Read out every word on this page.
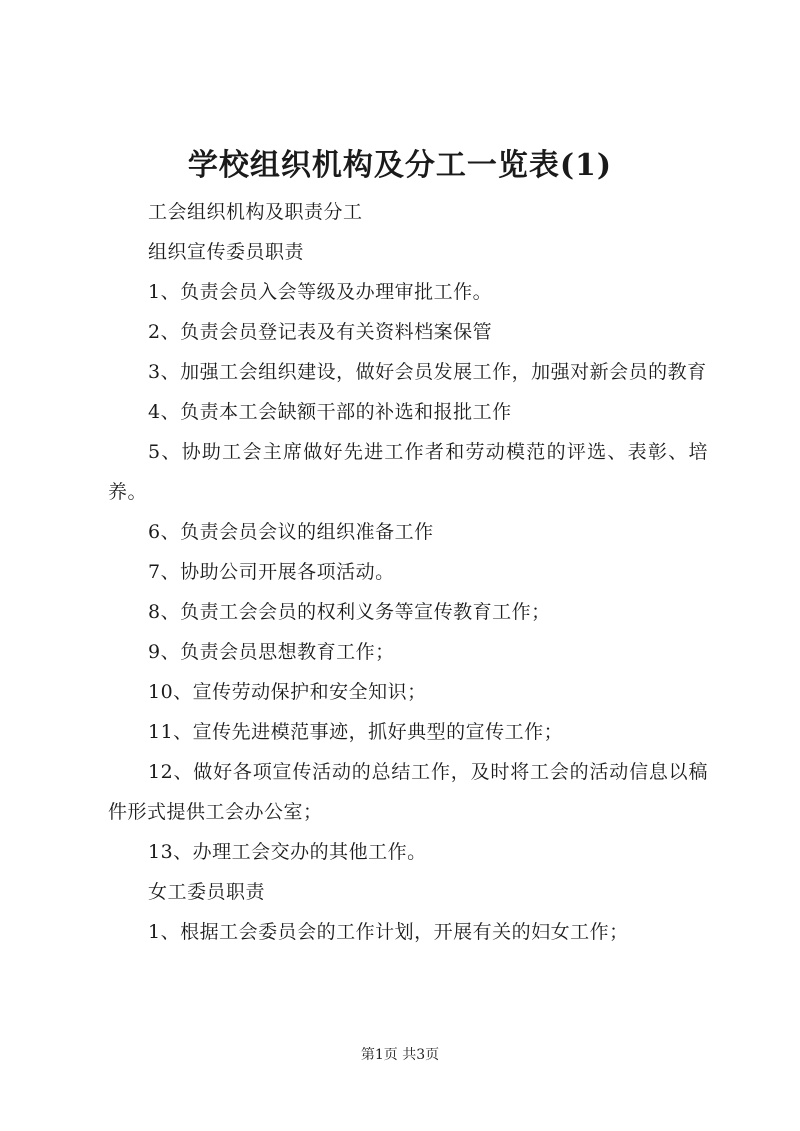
学校组织机构及分工一览表(1)

工会组织机构及职责分工

组织宣传委员职责

1、负责会员入会等级及办理审批工作。

2、负责会员登记表及有关资料档案保管

3、加强工会组织建设，做好会员发展工作，加强对新会员的教育

4、负责本工会缺额干部的补选和报批工作

5、协助工会主席做好先进工作者和劳动模范的评选、表彰、培养。

6、负责会员会议的组织准备工作

7、协助公司开展各项活动。

8、负责工会会员的权利义务等宣传教育工作；

9、负责会员思想教育工作；

10、宣传劳动保护和安全知识；

11、宣传先进模范事迹，抓好典型的宣传工作；

12、做好各项宣传活动的总结工作，及时将工会的活动信息以稿件形式提供工会办公室；

13、办理工会交办的其他工作。

女工委员职责

1、根据工会委员会的工作计划，开展有关的妇女工作；

第1页 共3页
